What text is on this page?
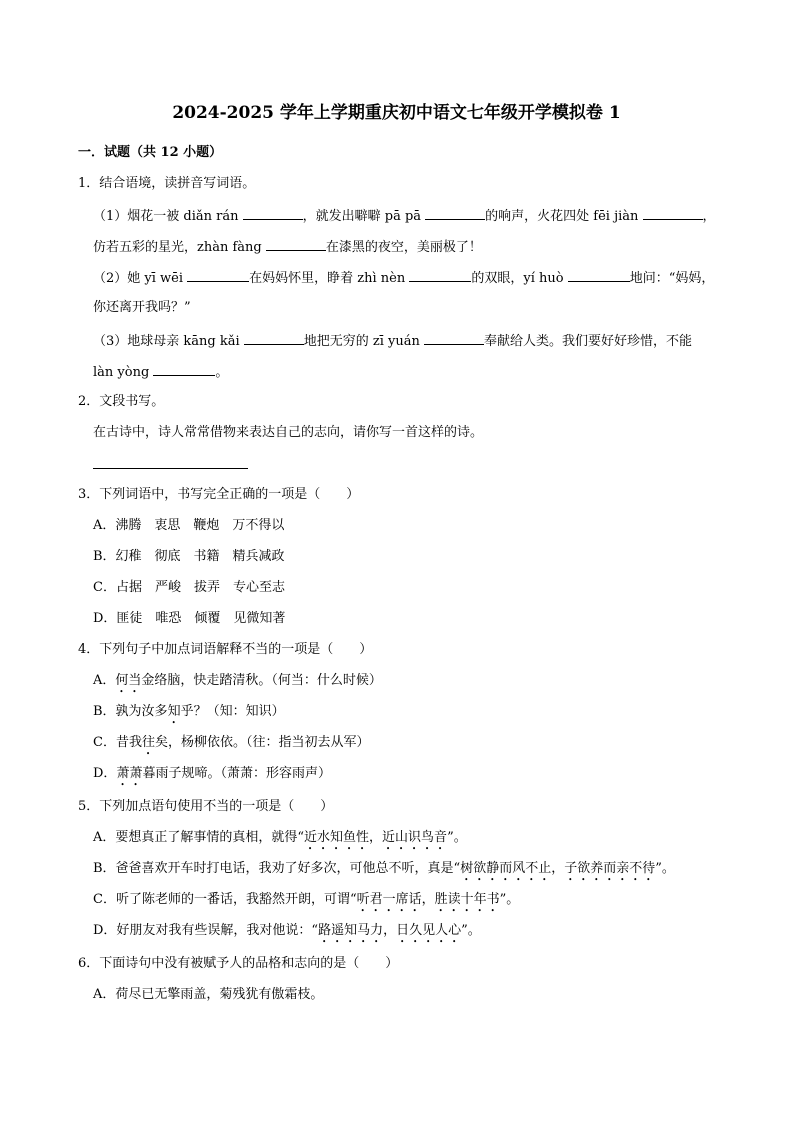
2024-2025 学年上学期重庆初中语文七年级开学模拟卷 1
一．试题（共 12 小题）
1．结合语境，读拼音写词语。
（1）烟花一被 diǎn rán	，就发出噼噼 pā pā	的响声，火花四处 fēi jiàn	，
仿若五彩的星光，zhàn fàng	在漆黑的夜空，美丽极了！
（2）她 yī wēi	在妈妈怀里，睁着 zhì nèn	的双眼，yí huò	地问：“妈妈，
你还离开我吗？”
（3）地球母亲 kāng kǎi	地把无穷的 zī yuán	奉献给人类。我们要好好珍惜，不能
làn yòng	。
2．文段书写。
在古诗中，诗人常常借物来表达自己的志向，请你写一首这样的诗。
3．下列词语中，书写完全正确的一项是（　　）
A．沸腾　衷思　鞭炮　万不得以
B．幻稚　彻底　书籍　精兵减政
C．占据　严峻　拔弄　专心至志
D．匪徒　唯恐　倾覆　见微知著
4．下列句子中加点词语解释不当的一项是（　　）
A．何当金络脑，快走踏清秋。（何当：什么时候）
B．孰为汝多知乎？（知：知识）
C．昔我往矣，杨柳依依。（往：指当初去从军）
D．萧萧暮雨子规啼。（萧萧：形容雨声）
5．下列加点语句使用不当的一项是（　　）
A．要想真正了解事情的真相，就得“近水知鱼性，近山识鸟音”。
B．爸爸喜欢开车时打电话，我劝了好多次，可他总不听，真是“树欲静而风不止，子欲养而亲不待”。
C．听了陈老师的一番话，我豁然开朗，可谓“听君一席话，胜读十年书”。
D．好朋友对我有些误解，我对他说：“路遥知马力，日久见人心”。
6．下面诗句中没有被赋予人的品格和志向的是（　　）
A．荷尽已无擎雨盖，菊残犹有傲霜枝。
